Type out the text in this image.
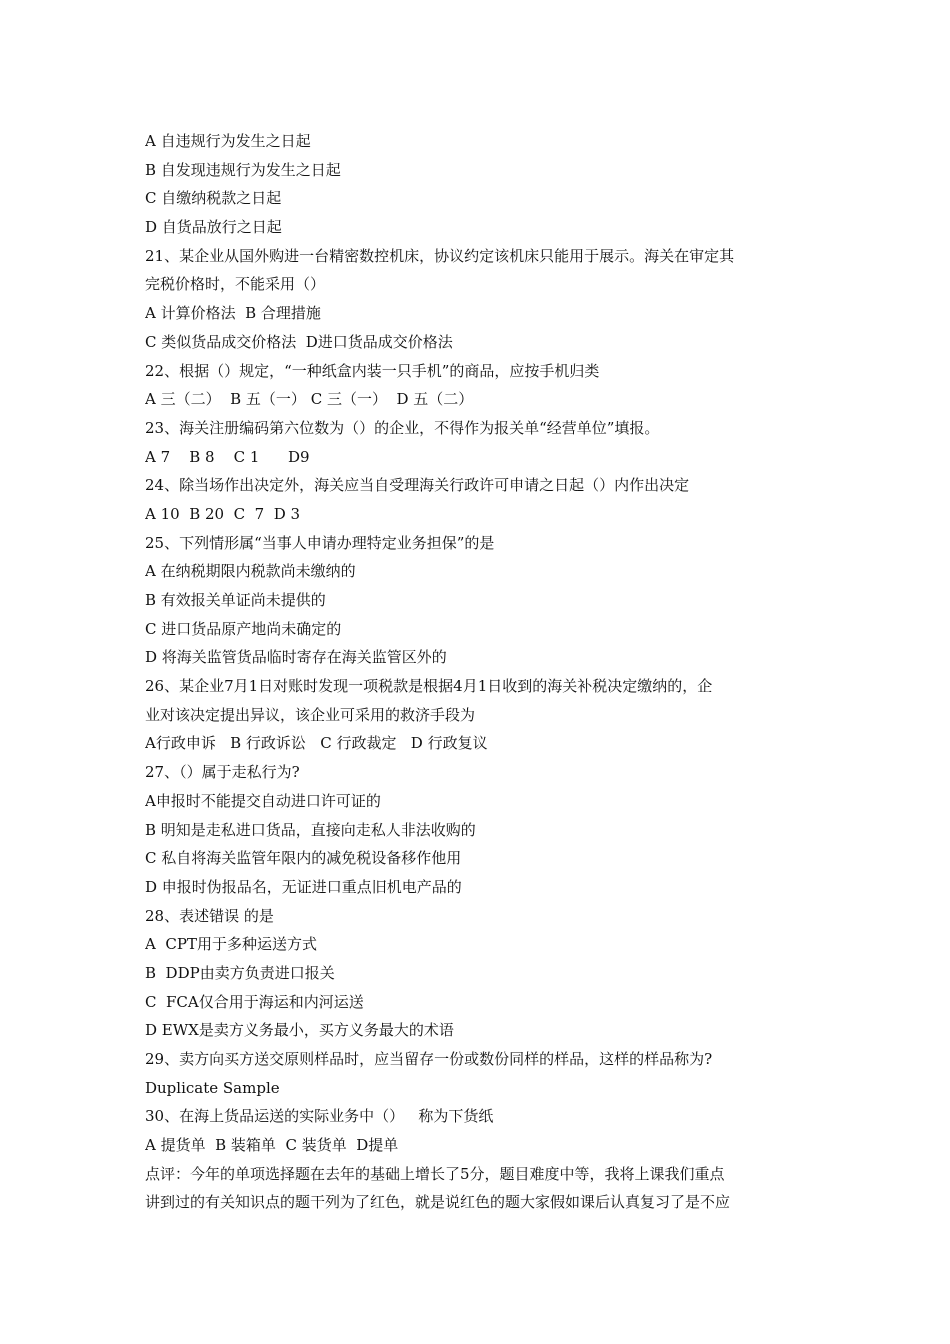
A 自违规行为发生之日起
B 自发现违规行为发生之日起
C 自缴纳税款之日起
D 自货品放行之日起
21、某企业从国外购进一台精密数控机床，协议约定该机床只能用于展示。海关在审定其
完税价格时，不能采用（）
A 计算价格法  B 合理措施
C 类似货品成交价格法  D进口货品成交价格法
22、根据（）规定，“一种纸盒内装一只手机”的商品，应按手机归类
A 三（二）  B 五（一） C 三（一）  D 五（二）
23、海关注册编码第六位数为（）的企业，不得作为报关单“经营单位”填报。
A 7    B 8    C 1      D9
24、除当场作出决定外，海关应当自受理海关行政许可申请之日起（）内作出决定
A 10  B 20  C  7  D 3
25、下列情形属“当事人申请办理特定业务担保”的是
A 在纳税期限内税款尚未缴纳的
B 有效报关单证尚未提供的
C 进口货品原产地尚未确定的
D 将海关监管货品临时寄存在海关监管区外的
26、某企业7月1日对账时发现一项税款是根据4月1日收到的海关补税决定缴纳的，企
业对该决定提出异议，该企业可采用的救济手段为
A行政申诉   B 行政诉讼   C 行政裁定   D 行政复议
27、（）属于走私行为?
A申报时不能提交自动进口许可证的
B 明知是走私进口货品，直接向走私人非法收购的
C 私自将海关监管年限内的减免税设备移作他用
D 申报时伪报品名，无证进口重点旧机电产品的
28、表述错误 的是
A  CPT用于多种运送方式
B  DDP由卖方负责进口报关
C  FCA仅合用于海运和内河运送
D EWX是卖方义务最小，买方义务最大的术语
29、卖方向买方送交原则样品时，应当留存一份或数份同样的样品，这样的样品称为?
Duplicate Sample
30、在海上货品运送的实际业务中（）   称为下货纸
A 提货单  B 装箱单  C 装货单  D提单
点评：今年的单项选择题在去年的基础上增长了5分，题目难度中等，我将上课我们重点
讲到过的有关知识点的题干列为了红色，就是说红色的题大家假如课后认真复习了是不应
